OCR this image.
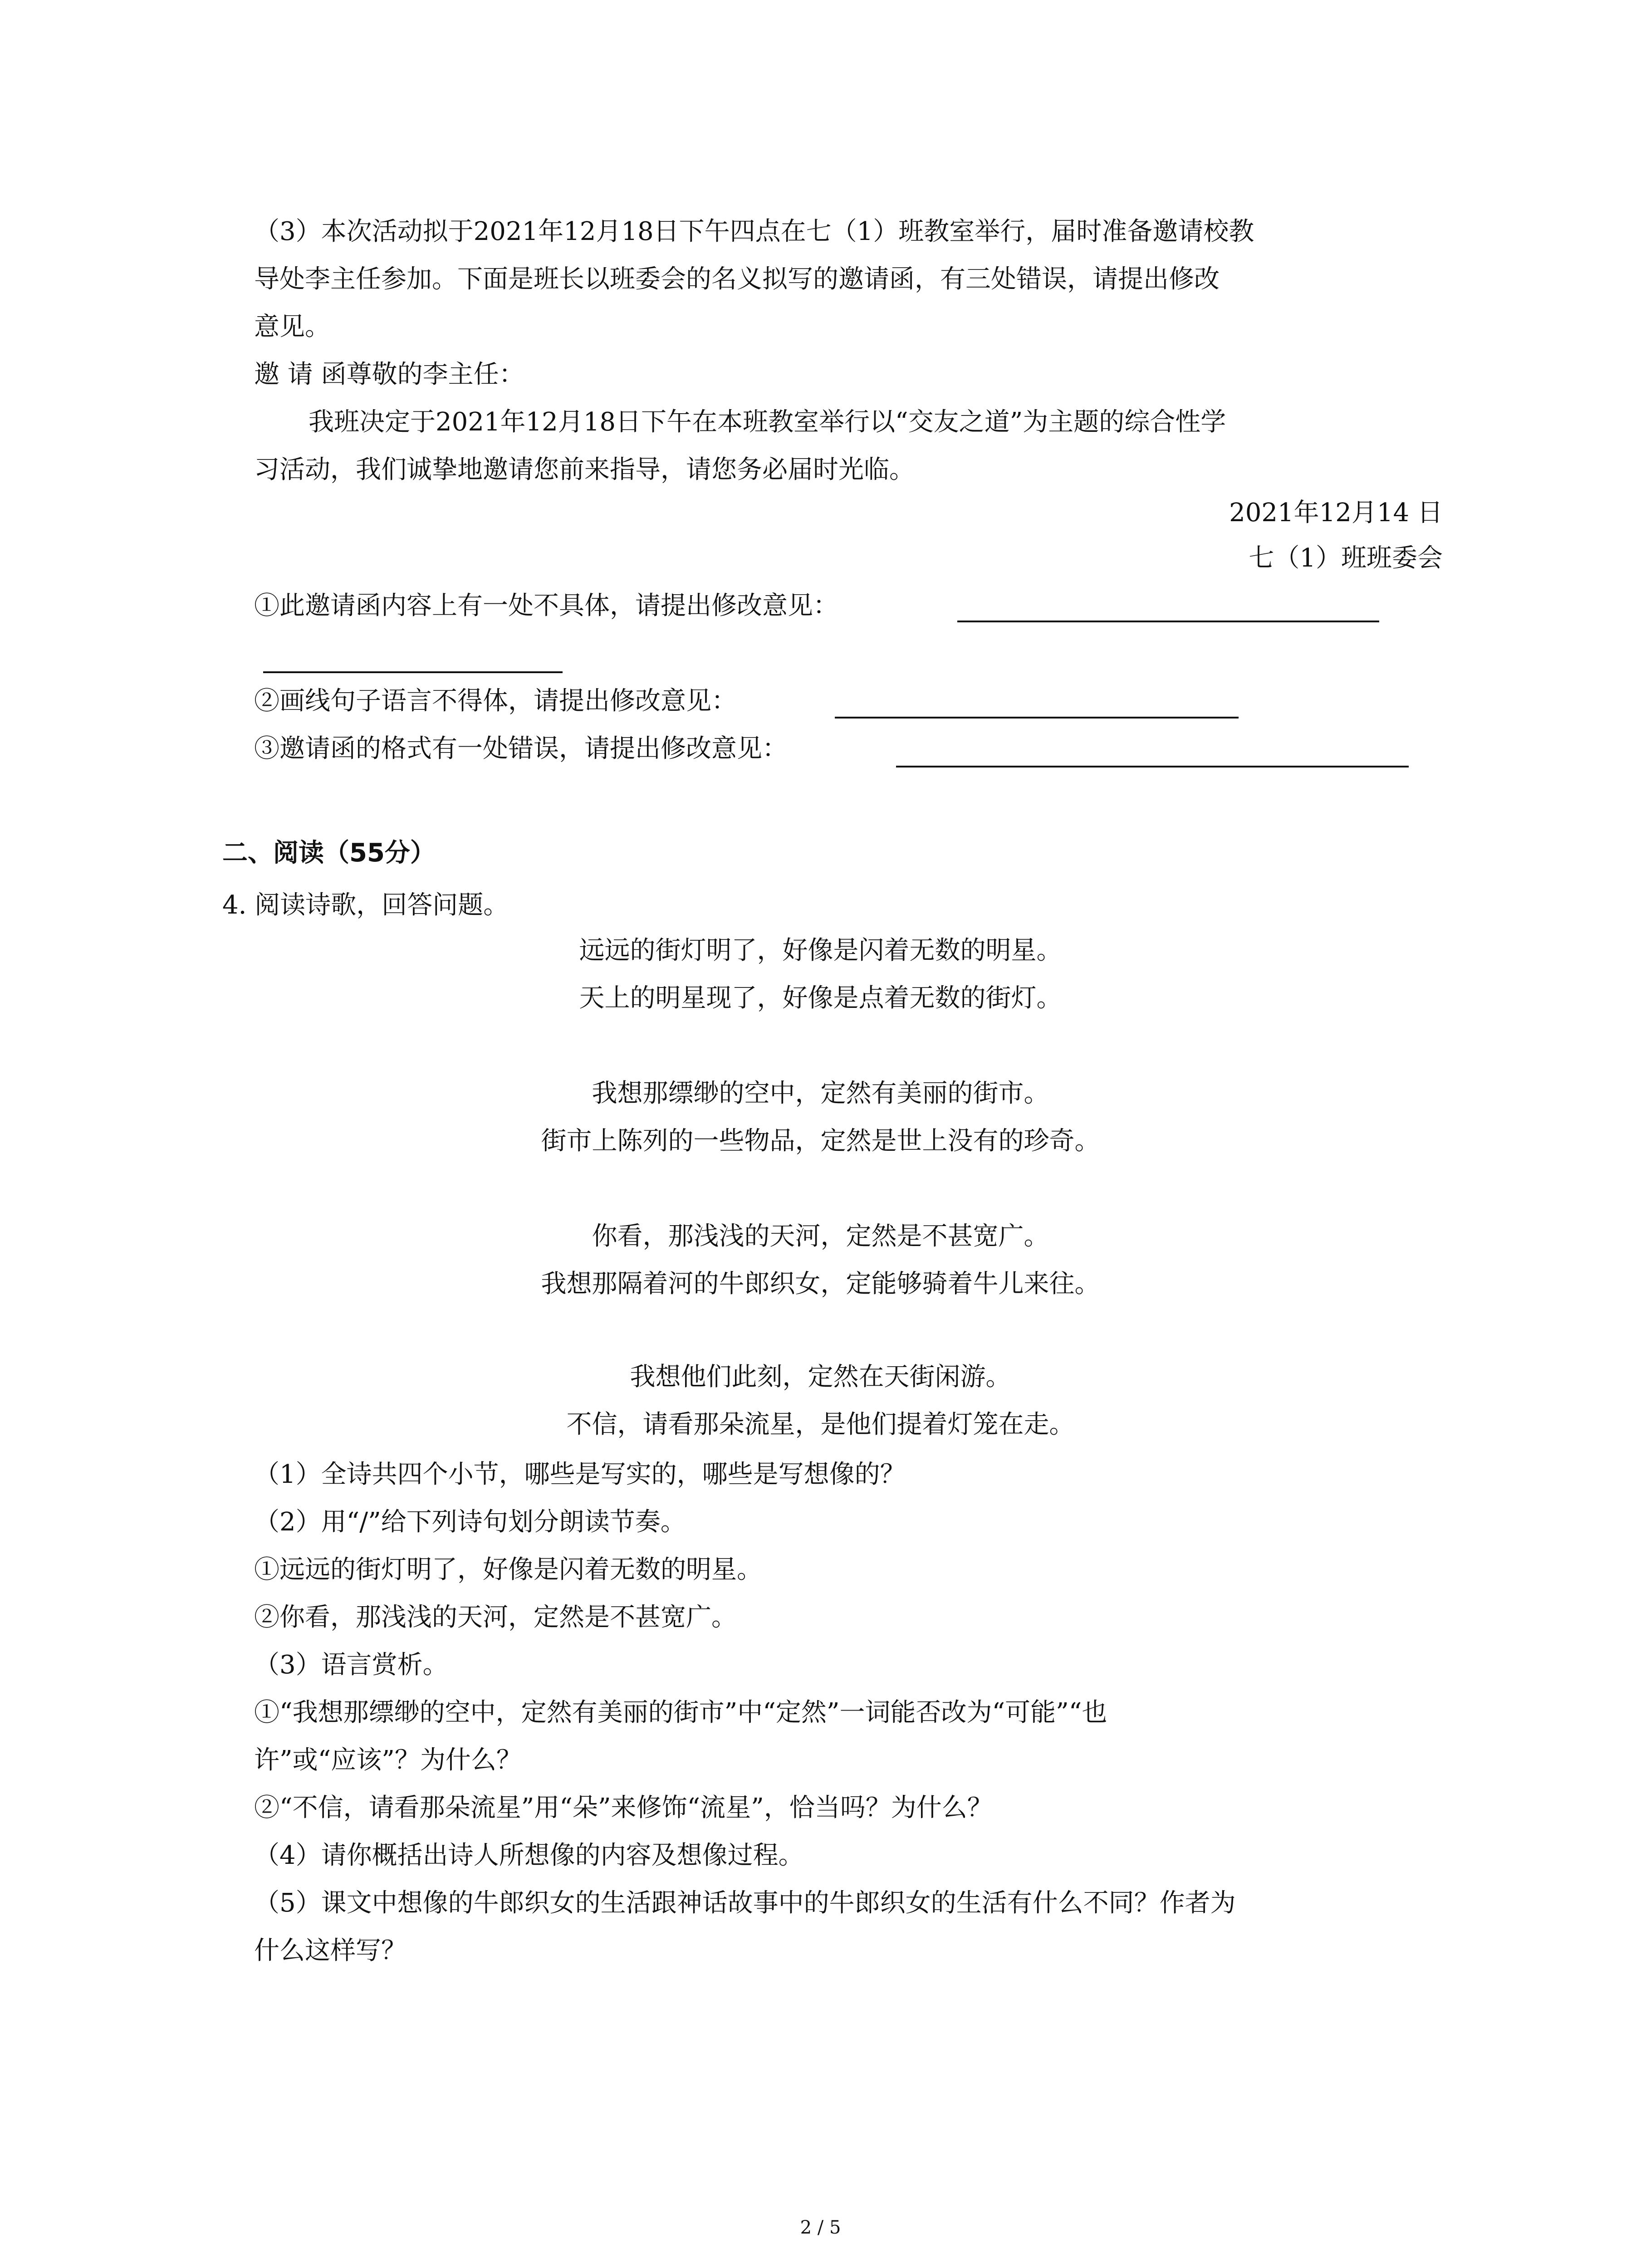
（3）本次活动拟于2021年12月18日下午四点在七（1）班教室举行，届时准备邀请校教
导处李主任参加。下面是班长以班委会的名义拟写的邀请函，有三处错误，请提出修改
意见。
邀 请 函尊敬的李主任：
我班决定于2021年12月18日下午在本班教室举行以“交友之道”为主题的综合性学
习活动，我们诚挚地邀请您前来指导，请您务必届时光临。
2021年12月14 日
七（1）班班委会
①此邀请函内容上有一处不具体，请提出修改意见：
②画线句子语言不得体，请提出修改意见：
③邀请函的格式有一处错误，请提出修改意见：
二、阅读（55分）
4. 阅读诗歌，回答问题。
远远的街灯明了，好像是闪着无数的明星。
天上的明星现了，好像是点着无数的街灯。
我想那缥缈的空中，定然有美丽的街市。
街市上陈列的一些物品，定然是世上没有的珍奇。
你看，那浅浅的天河，定然是不甚宽广。
我想那隔着河的牛郎织女，定能够骑着牛儿来往。
我想他们此刻，定然在天街闲游。
不信，请看那朵流星，是他们提着灯笼在走。
（1）全诗共四个小节，哪些是写实的，哪些是写想像的？
（2）用“/”给下列诗句划分朗读节奏。
①远远的街灯明了，好像是闪着无数的明星。
②你看，那浅浅的天河，定然是不甚宽广。
（3）语言赏析。
①“我想那缥缈的空中，定然有美丽的街市”中“定然”一词能否改为“可能”“也
许”或“应该”？为什么？
②“不信，请看那朵流星”用“朵”来修饰“流星”，恰当吗？为什么？
（4）请你概括出诗人所想像的内容及想像过程。
（5）课文中想像的牛郎织女的生活跟神话故事中的牛郎织女的生活有什么不同？作者为
什么这样写？
2 / 5
